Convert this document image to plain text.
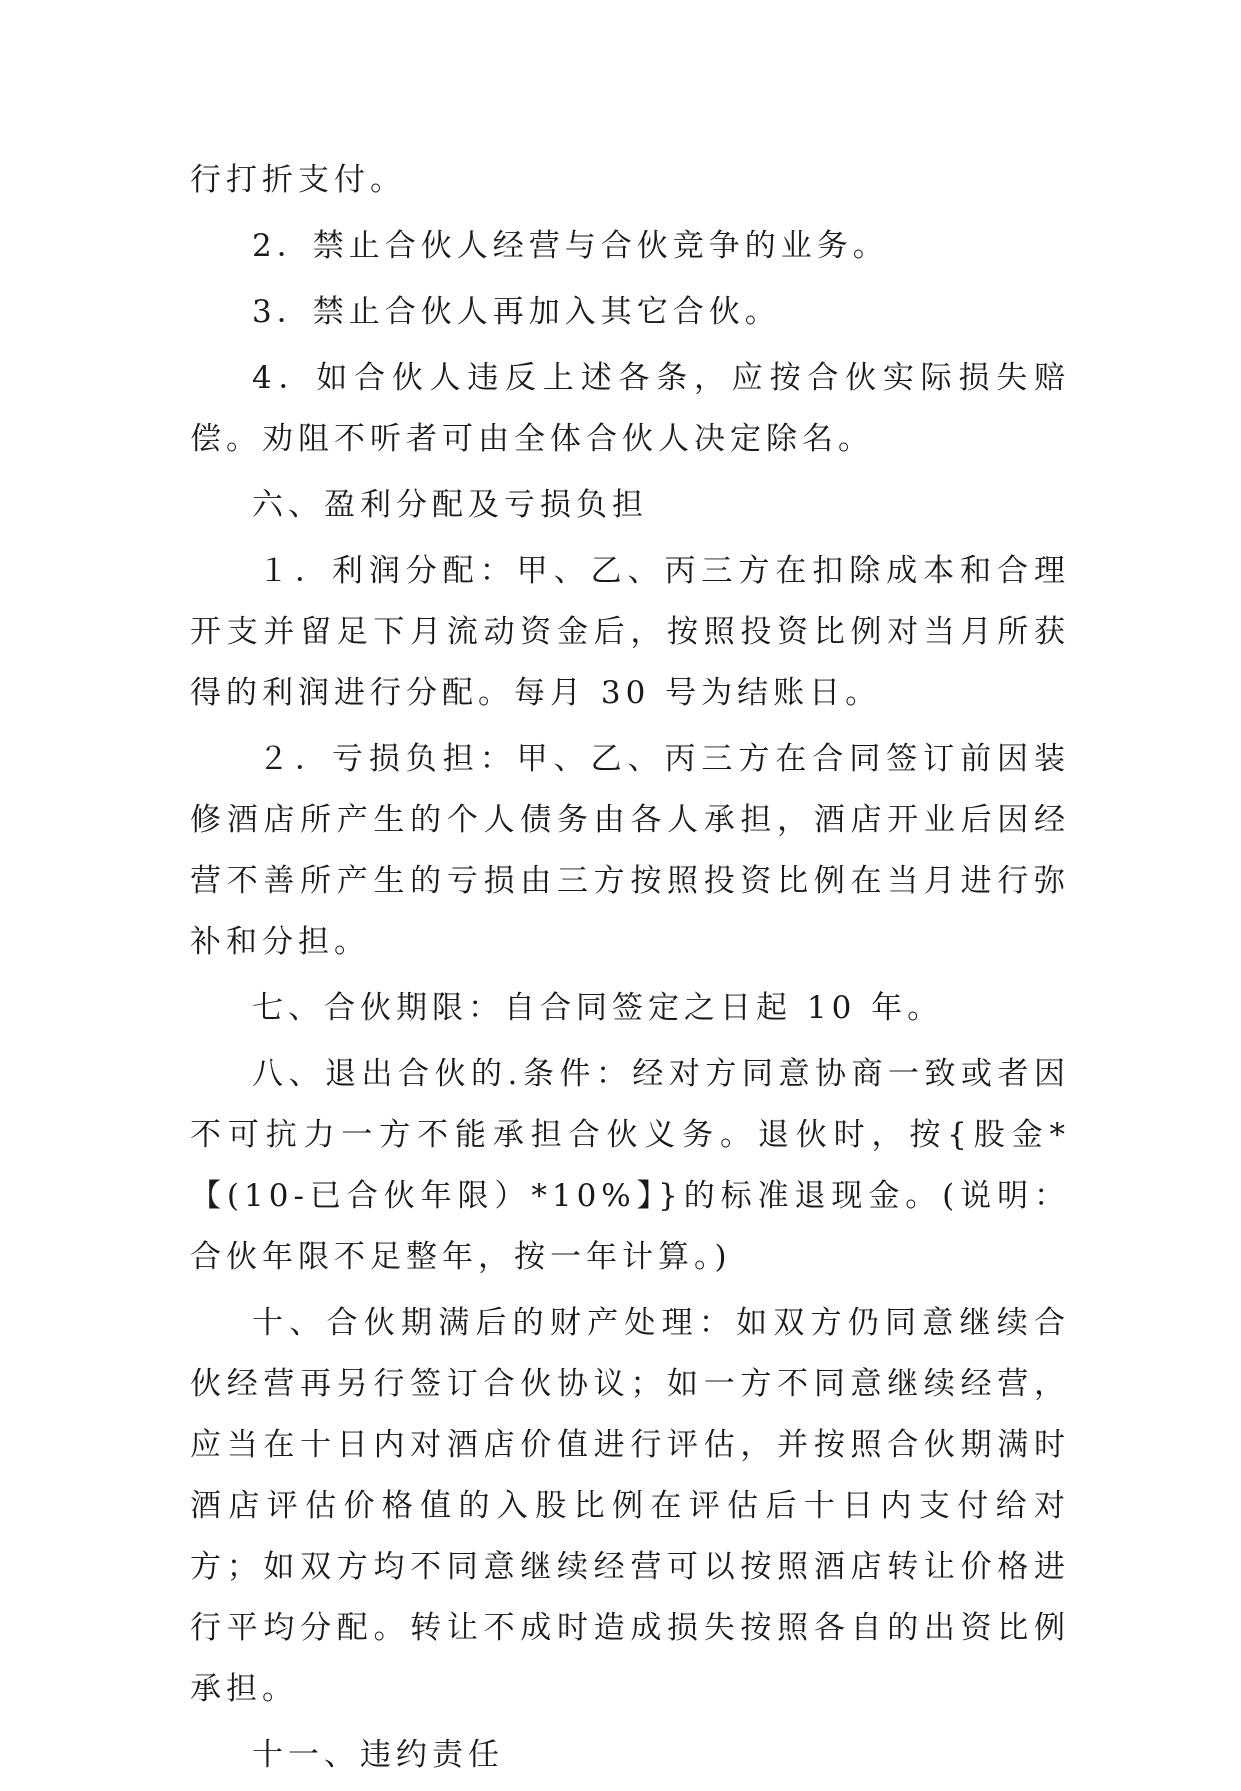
行打折支付。

2．禁止合伙人经营与合伙竞争的业务。

3．禁止合伙人再加入其它合伙。

4．如合伙人违反上述各条，应按合伙实际损失赔偿。劝阻不听者可由全体合伙人决定除名。

六、盈利分配及亏损负担

１．利润分配：甲、乙、丙三方在扣除成本和合理开支并留足下月流动资金后，按照投资比例对当月所获得的利润进行分配。每月 30 号为结账日。

２．亏损负担：甲、乙、丙三方在合同签订前因装修酒店所产生的个人债务由各人承担，酒店开业后因经营不善所产生的亏损由三方按照投资比例在当月进行弥补和分担。

七、合伙期限：自合同签定之日起 10 年。

八、退出合伙的.条件：经对方同意协商一致或者因不可抗力一方不能承担合伙义务。退伙时，按{股金*【(10-已合伙年限）*10%】}的标准退现金。(说明：合伙年限不足整年，按一年计算。)

十、合伙期满后的财产处理：如双方仍同意继续合伙经营再另行签订合伙协议；如一方不同意继续经营，应当在十日内对酒店价值进行评估，并按照合伙期满时酒店评估价格值的入股比例在评估后十日内支付给对方；如双方均不同意继续经营可以按照酒店转让价格进行平均分配。转让不成时造成损失按照各自的出资比例承担。

十一、违约责任
